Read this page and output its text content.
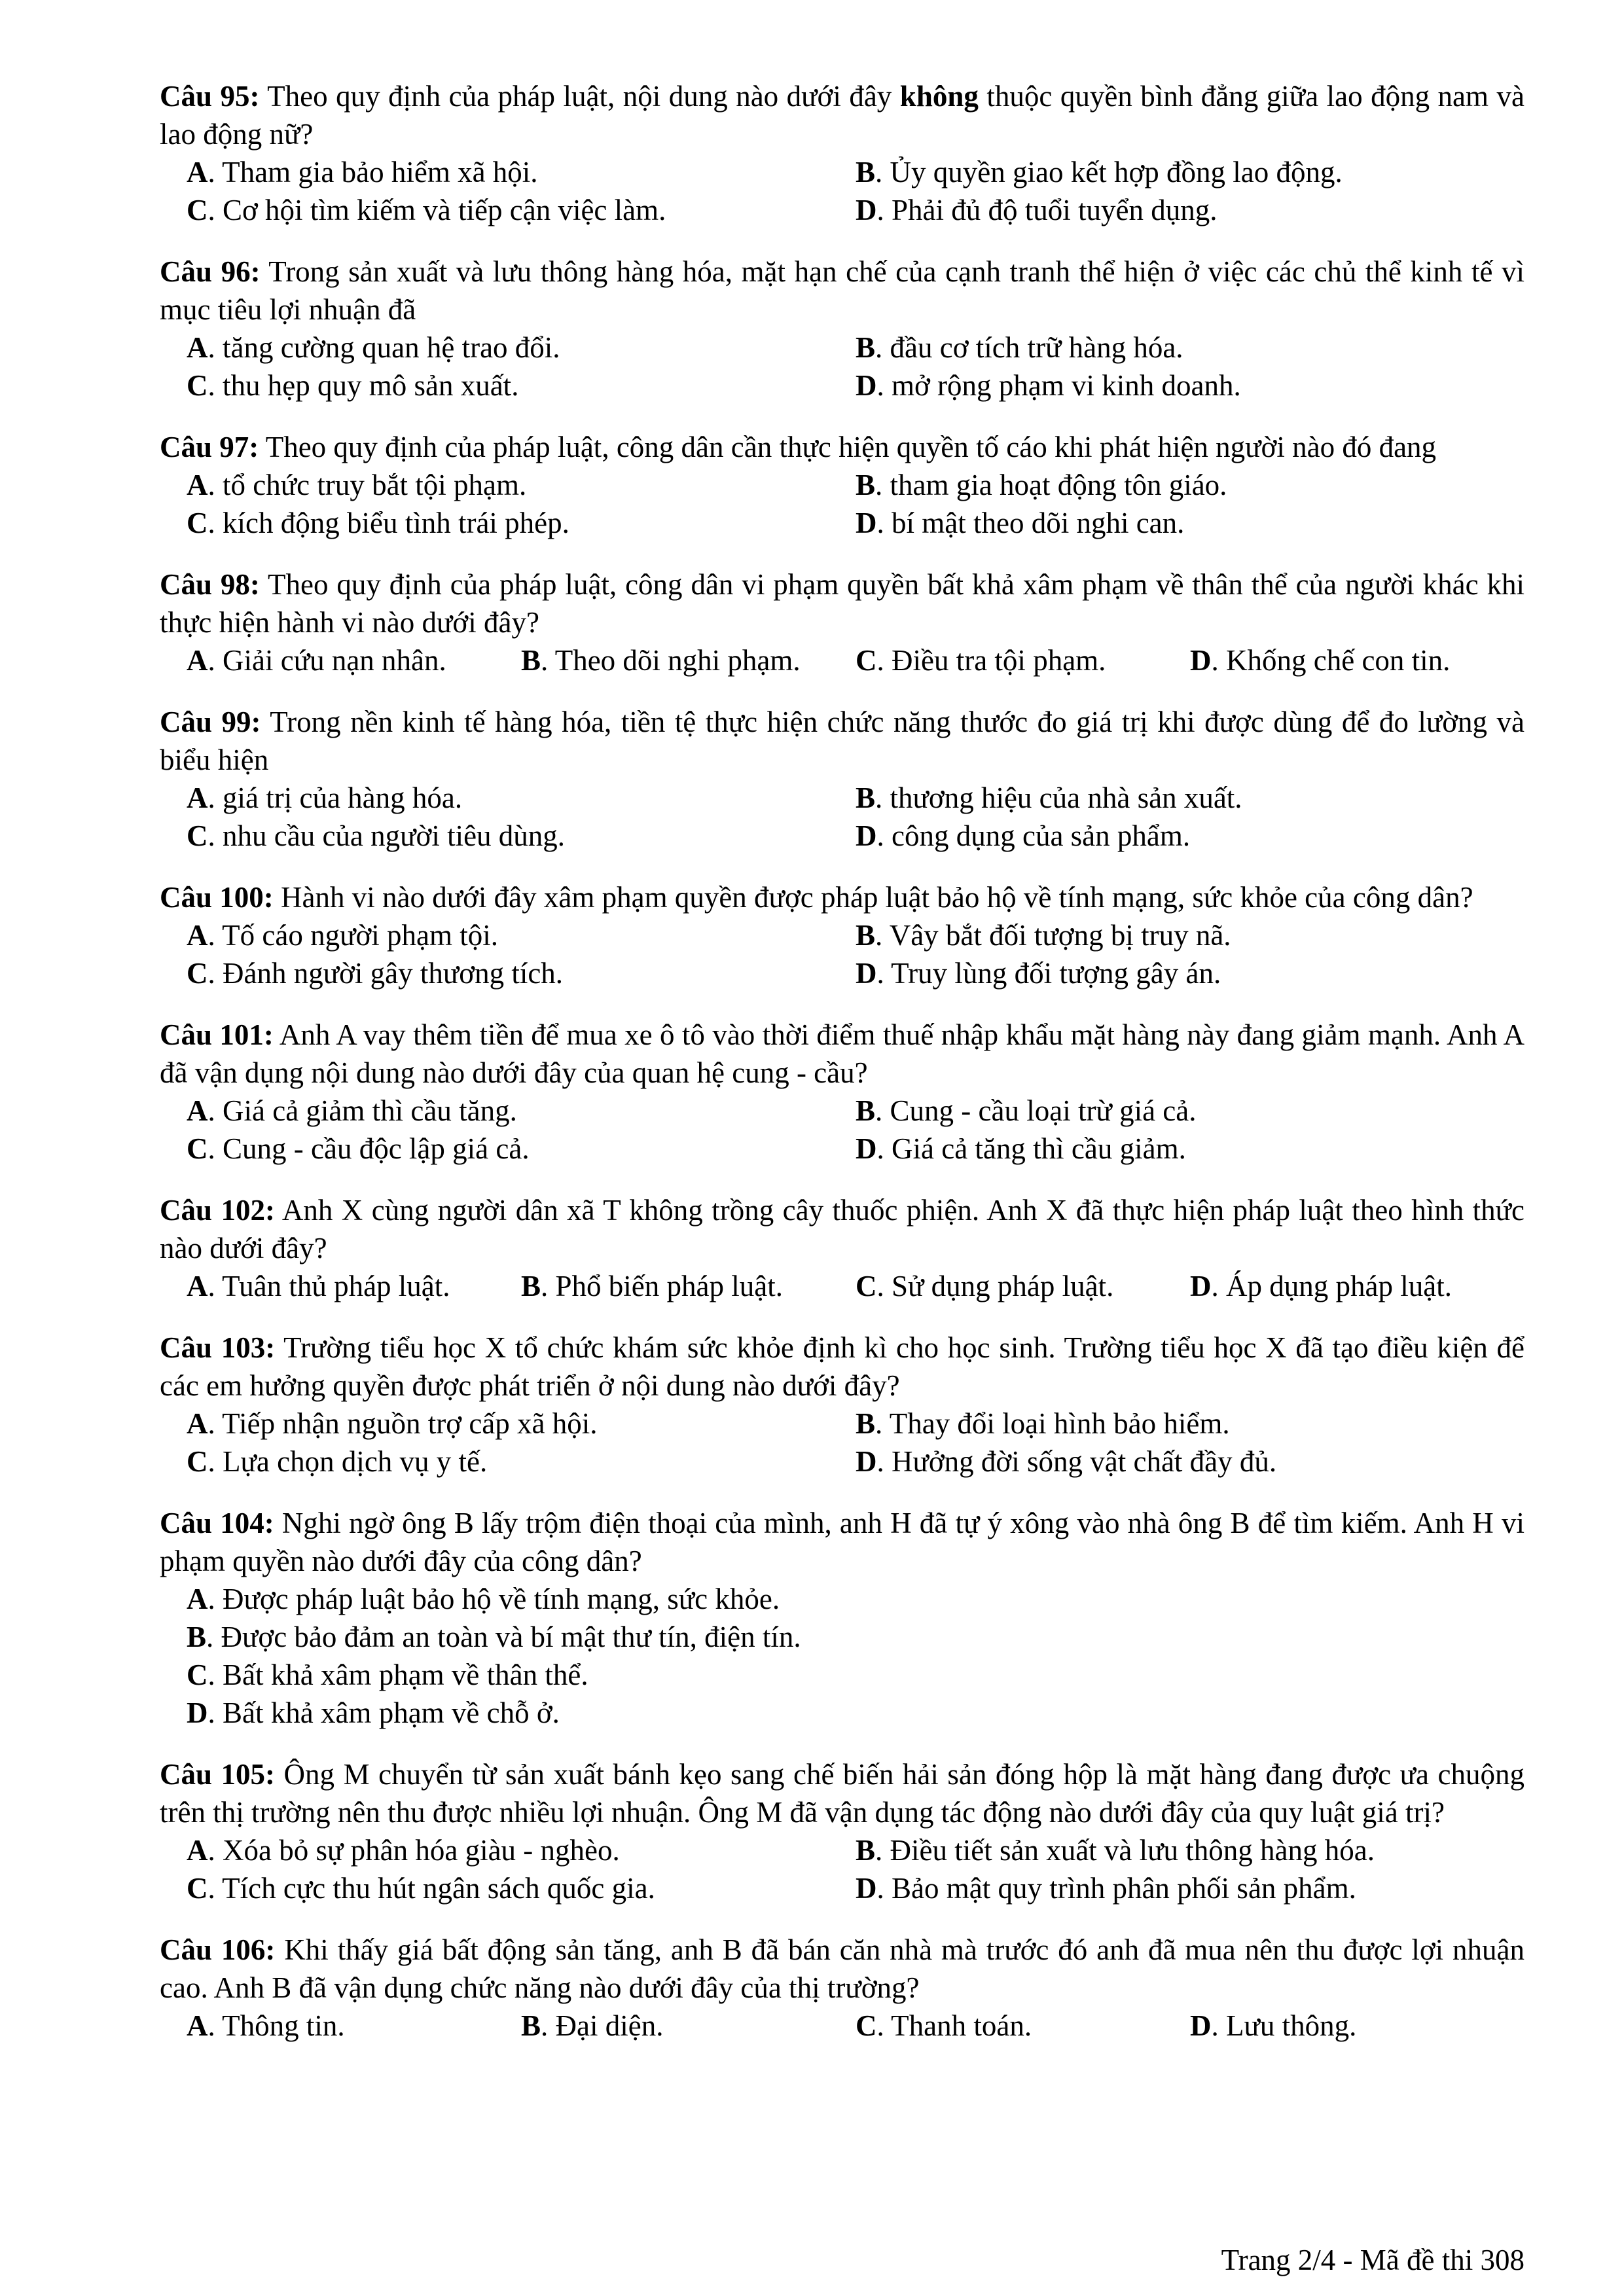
Câu 95: Theo quy định của pháp luật, nội dung nào dưới đây không thuộc quyền bình đẳng giữa lao động nam và lao động nữ?
A. Tham gia bảo hiểm xã hội.	B. Ủy quyền giao kết hợp đồng lao động.
C. Cơ hội tìm kiếm và tiếp cận việc làm.	D. Phải đủ độ tuổi tuyển dụng.
Câu 96: Trong sản xuất và lưu thông hàng hóa, mặt hạn chế của cạnh tranh thể hiện ở việc các chủ thể kinh tế vì mục tiêu lợi nhuận đã
A. tăng cường quan hệ trao đổi.	B. đầu cơ tích trữ hàng hóa.
C. thu hẹp quy mô sản xuất.	D. mở rộng phạm vi kinh doanh.
Câu 97: Theo quy định của pháp luật, công dân cần thực hiện quyền tố cáo khi phát hiện người nào đó đang
A. tổ chức truy bắt tội phạm.	B. tham gia hoạt động tôn giáo.
C. kích động biểu tình trái phép.	D. bí mật theo dõi nghi can.
Câu 98: Theo quy định của pháp luật, công dân vi phạm quyền bất khả xâm phạm về thân thể của người khác khi thực hiện hành vi nào dưới đây?
A. Giải cứu nạn nhân.	B. Theo dõi nghi phạm.	C. Điều tra tội phạm.	D. Khống chế con tin.
Câu 99: Trong nền kinh tế hàng hóa, tiền tệ thực hiện chức năng thước đo giá trị khi được dùng để đo lường và biểu hiện
A. giá trị của hàng hóa.	B. thương hiệu của nhà sản xuất.
C. nhu cầu của người tiêu dùng.	D. công dụng của sản phẩm.
Câu 100: Hành vi nào dưới đây xâm phạm quyền được pháp luật bảo hộ về tính mạng, sức khỏe của công dân?
A. Tố cáo người phạm tội.	B. Vây bắt đối tượng bị truy nã.
C. Đánh người gây thương tích.	D. Truy lùng đối tượng gây án.
Câu 101: Anh A vay thêm tiền để mua xe ô tô vào thời điểm thuế nhập khẩu mặt hàng này đang giảm mạnh. Anh A đã vận dụng nội dung nào dưới đây của quan hệ cung - cầu?
A. Giá cả giảm thì cầu tăng.	B. Cung - cầu loại trừ giá cả.
C. Cung - cầu độc lập giá cả.	D. Giá cả tăng thì cầu giảm.
Câu 102: Anh X cùng người dân xã T không trồng cây thuốc phiện. Anh X đã thực hiện pháp luật theo hình thức nào dưới đây?
A. Tuân thủ pháp luật.	B. Phổ biến pháp luật.	C. Sử dụng pháp luật.	D. Áp dụng pháp luật.
Câu 103: Trường tiểu học X tổ chức khám sức khỏe định kì cho học sinh. Trường tiểu học X đã tạo điều kiện để các em hưởng quyền được phát triển ở nội dung nào dưới đây?
A. Tiếp nhận nguồn trợ cấp xã hội.	B. Thay đổi loại hình bảo hiểm.
C. Lựa chọn dịch vụ y tế.	D. Hưởng đời sống vật chất đầy đủ.
Câu 104: Nghi ngờ ông B lấy trộm điện thoại của mình, anh H đã tự ý xông vào nhà ông B để tìm kiếm. Anh H vi phạm quyền nào dưới đây của công dân?
A. Được pháp luật bảo hộ về tính mạng, sức khỏe.
B. Được bảo đảm an toàn và bí mật thư tín, điện tín.
C. Bất khả xâm phạm về thân thể.
D. Bất khả xâm phạm về chỗ ở.
Câu 105: Ông M chuyển từ sản xuất bánh kẹo sang chế biến hải sản đóng hộp là mặt hàng đang được ưa chuộng trên thị trường nên thu được nhiều lợi nhuận. Ông M đã vận dụng tác động nào dưới đây của quy luật giá trị?
A. Xóa bỏ sự phân hóa giàu - nghèo.	B. Điều tiết sản xuất và lưu thông hàng hóa.
C. Tích cực thu hút ngân sách quốc gia.	D. Bảo mật quy trình phân phối sản phẩm.
Câu 106: Khi thấy giá bất động sản tăng, anh B đã bán căn nhà mà trước đó anh đã mua nên thu được lợi nhuận cao. Anh B đã vận dụng chức năng nào dưới đây của thị trường?
A. Thông tin.	B. Đại diện.	C. Thanh toán.	D. Lưu thông.
Trang 2/4 - Mã đề thi 308
